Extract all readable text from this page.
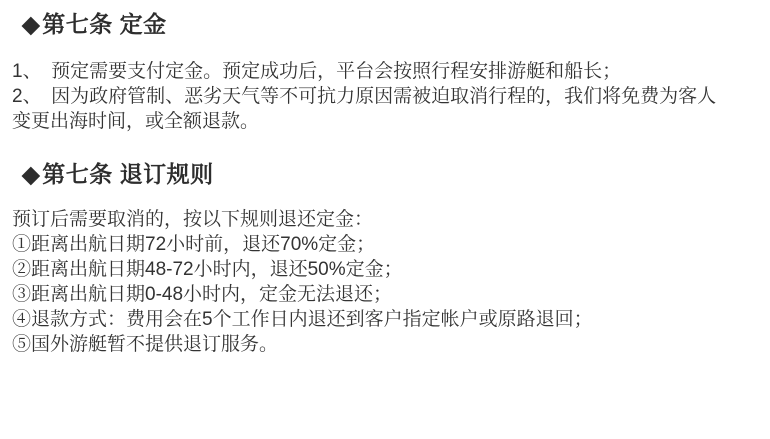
◆第七条 定金
1、　预定需要支付定金。预定成功后，平台会按照行程安排游艇和船长；
2、　因为政府管制、恶劣天气等不可抗力原因需被迫取消行程的，我们将免费为客人
变更出海时间，或全额退款。
◆第七条 退订规则
预订后需要取消的，按以下规则退还定金：
①距离出航日期72小时前，退还70%定金；
②距离出航日期48-72小时内，退还50%定金；
③距离出航日期0-48小时内，定金无法退还；
④退款方式：费用会在5个工作日内退还到客户指定帐户或原路退回；
⑤国外游艇暂不提供退订服务。
